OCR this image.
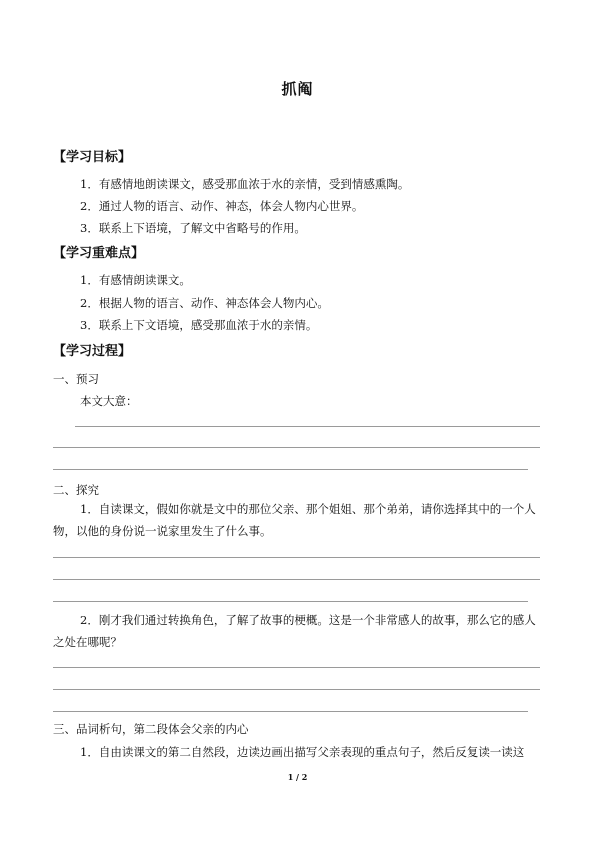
抓阄
【学习目标】
1．有感情地朗读课文，感受那血浓于水的亲情，受到情感熏陶。
2．通过人物的语言、动作、神态，体会人物内心世界。
3．联系上下语境，了解文中省略号的作用。
【学习重难点】
1．有感情朗读课文。
2．根据人物的语言、动作、神态体会人物内心。
3．联系上下文语境，感受那血浓于水的亲情。
【学习过程】
一、预习
本文大意：
二、探究
1．自读课文，假如你就是文中的那位父亲、那个姐姐、那个弟弟，请你选择其中的一个人物，以他的身份说一说家里发生了什么事。
2．刚才我们通过转换角色，了解了故事的梗概。这是一个非常感人的故事，那么它的感人之处在哪呢？
三、品词析句，第二段体会父亲的内心
1．自由读课文的第二自然段，边读边画出描写父亲表现的重点句子，然后反复读一读这
1 / 2
